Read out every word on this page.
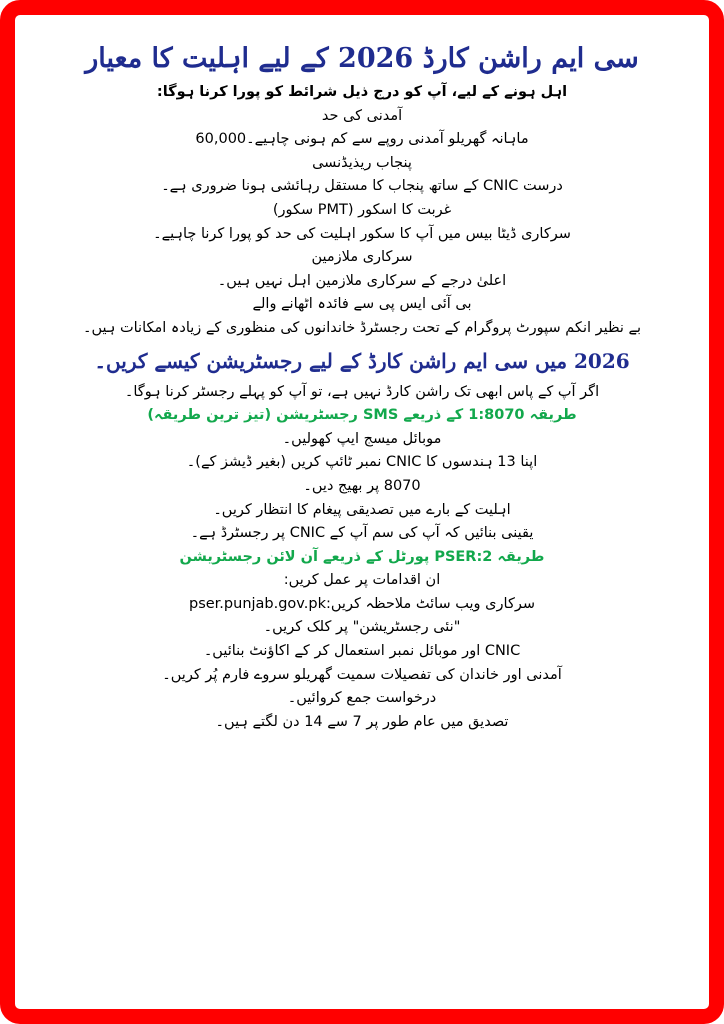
سی ایم راشن کارڈ 2026 کے لیے اہلیت کا معیار
اہل ہونے کے لیے، آپ کو درج ذیل شرائط کو پورا کرنا ہوگا:
آمدنی کی حد
ماہانہ گھریلو آمدنی روپے سے کم ہونی چاہیے۔60,000
پنجاب ریذیڈنسی
درست CNIC کے ساتھ پنجاب کا مستقل رہائشی ہونا ضروری ہے۔
غربت کا اسکور (PMT سکور)
سرکاری ڈیٹا بیس میں آپ کا سکور اہلیت کی حد کو پورا کرنا چاہیے۔
سرکاری ملازمین
اعلیٰ درجے کے سرکاری ملازمین اہل نہیں ہیں۔
بی آئی ایس پی سے فائدہ اٹھانے والے
بے نظیر انکم سپورٹ پروگرام کے تحت رجسٹرڈ خاندانوں کی منظوری کے زیادہ امکانات ہیں۔
2026 میں سی ایم راشن کارڈ کے لیے رجسٹریشن کیسے کریں۔
اگر آپ کے پاس ابھی تک راشن کارڈ نہیں ہے، تو آپ کو پہلے رجسٹر کرنا ہوگا۔
طریقہ 1:8070 کے ذریعے SMS رجسٹریشن (تیز ترین طریقہ)
موبائل میسج ایپ کھولیں۔
اپنا 13 ہندسوں کا CNIC نمبر ٹائپ کریں (بغیر ڈیشز کے)۔
8070 پر بھیج دیں۔
اہلیت کے بارے میں تصدیقی پیغام کا انتظار کریں۔
یقینی بنائیں کہ آپ کی سم آپ کے CNIC پر رجسٹرڈ ہے۔
طریقہ 2:PSER پورٹل کے ذریعے آن لائن رجسٹریشن
ان اقدامات پر عمل کریں:
سرکاری ویب سائٹ ملاحظہ کریں:pser.punjab.gov.pk
"نئی رجسٹریشن" پر کلک کریں۔
CNIC اور موبائل نمبر استعمال کر کے اکاؤنٹ بنائیں۔
آمدنی اور خاندان کی تفصیلات سمیت گھریلو سروے فارم پُر کریں۔
درخواست جمع کروائیں۔
تصدیق میں عام طور پر 7 سے 14 دن لگتے ہیں۔
